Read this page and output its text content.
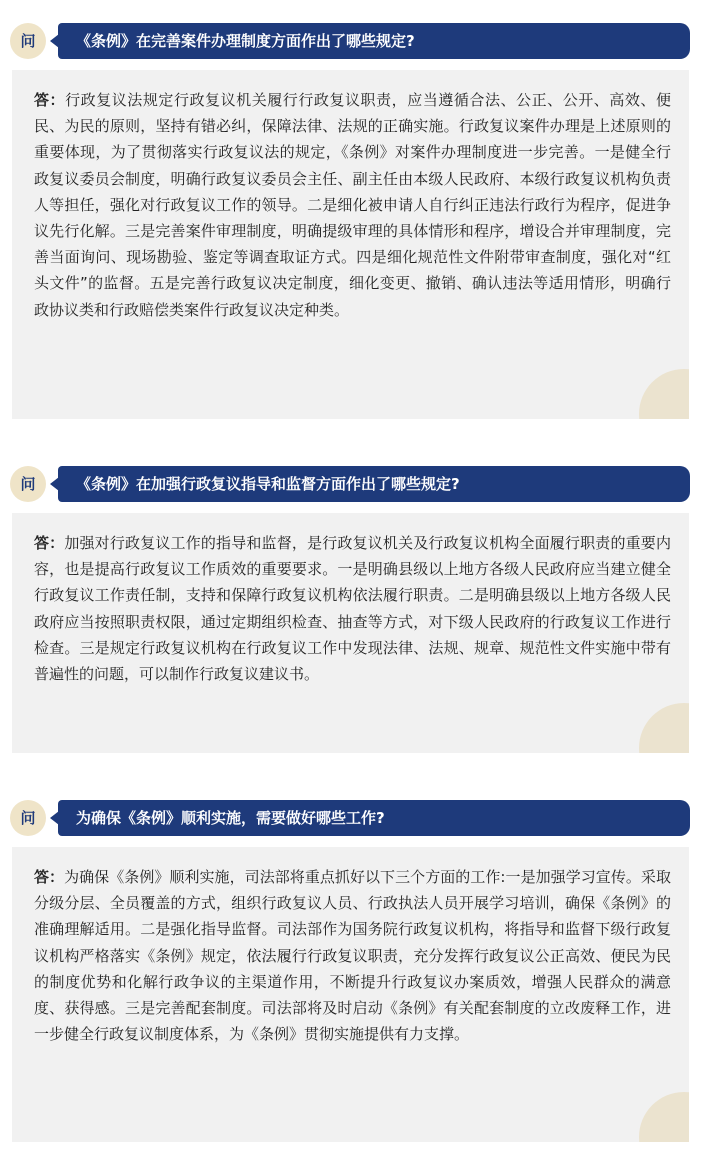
问	《条例》在完善案件办理制度方面作出了哪些规定?
答：行政复议法规定行政复议机关履行行政复议职责，应当遵循合法、公正、公开、高效、便民、为民的原则，坚持有错必纠，保障法律、法规的正确实施。行政复议案件办理是上述原则的重要体现，为了贯彻落实行政复议法的规定，《条例》对案件办理制度进一步完善。一是健全行政复议委员会制度，明确行政复议委员会主任、副主任由本级人民政府、本级行政复议机构负责人等担任，强化对行政复议工作的领导。二是细化被申请人自行纠正违法行政行为程序，促进争议先行化解。三是完善案件审理制度，明确提级审理的具体情形和程序，增设合并审理制度，完善当面询问、现场勘验、鉴定等调查取证方式。四是细化规范性文件附带审查制度，强化对“红头文件”的监督。五是完善行政复议决定制度，细化变更、撤销、确认违法等适用情形，明确行政协议类和行政赔偿类案件行政复议决定种类。
问	《条例》在加强行政复议指导和监督方面作出了哪些规定?
答：加强对行政复议工作的指导和监督，是行政复议机关及行政复议机构全面履行职责的重要内容，也是提高行政复议工作质效的重要要求。一是明确县级以上地方各级人民政府应当建立健全行政复议工作责任制，支持和保障行政复议机构依法履行职责。二是明确县级以上地方各级人民政府应当按照职责权限，通过定期组织检查、抽查等方式，对下级人民政府的行政复议工作进行检查。三是规定行政复议机构在行政复议工作中发现法律、法规、规章、规范性文件实施中带有普遍性的问题，可以制作行政复议建议书。
问	为确保《条例》顺利实施，需要做好哪些工作?
答：为确保《条例》顺利实施，司法部将重点抓好以下三个方面的工作:一是加强学习宣传。采取分级分层、全员覆盖的方式，组织行政复议人员、行政执法人员开展学习培训，确保《条例》的准确理解适用。二是强化指导监督。司法部作为国务院行政复议机构，将指导和监督下级行政复议机构严格落实《条例》规定，依法履行行政复议职责，充分发挥行政复议公正高效、便民为民的制度优势和化解行政争议的主渠道作用，不断提升行政复议办案质效，增强人民群众的满意度、获得感。三是完善配套制度。司法部将及时启动《条例》有关配套制度的立改废释工作，进一步健全行政复议制度体系，为《条例》贯彻实施提供有力支撑。
